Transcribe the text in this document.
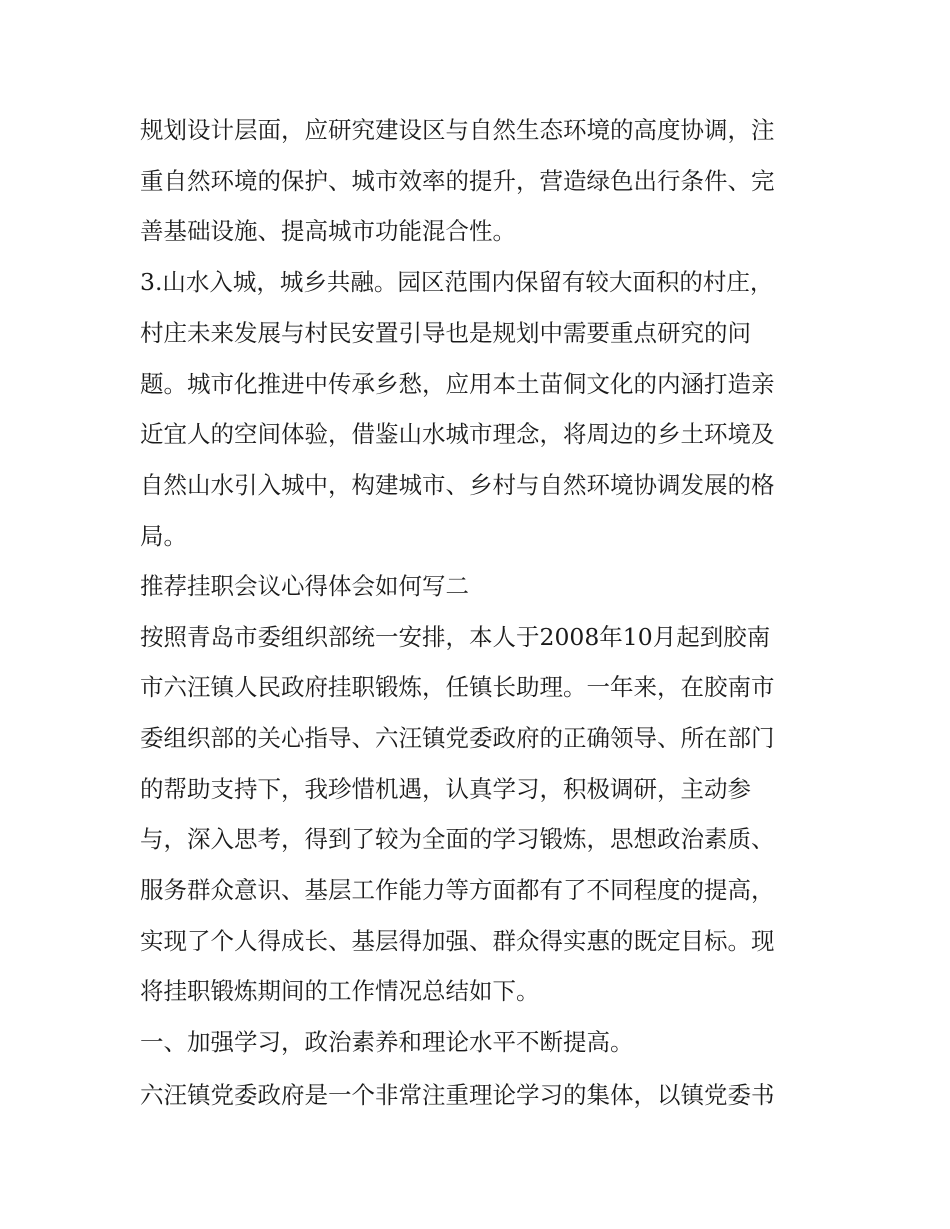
规划设计层面，应研究建设区与自然生态环境的高度协调，注

重自然环境的保护、城市效率的提升，营造绿色出行条件、完

善基础设施、提高城市功能混合性。

3.山水入城，城乡共融。园区范围内保留有较大面积的村庄，

村庄未来发展与村民安置引导也是规划中需要重点研究的问

题。城市化推进中传承乡愁，应用本土苗侗文化的内涵打造亲

近宜人的空间体验，借鉴山水城市理念，将周边的乡土环境及

自然山水引入城中，构建城市、乡村与自然环境协调发展的格

局。

推荐挂职会议心得体会如何写二

按照青岛市委组织部统一安排，本人于2008年10月起到胶南

市六汪镇人民政府挂职锻炼，任镇长助理。一年来，在胶南市

委组织部的关心指导、六汪镇党委政府的正确领导、所在部门

的帮助支持下，我珍惜机遇，认真学习，积极调研，主动参

与，深入思考，得到了较为全面的学习锻炼，思想政治素质、

服务群众意识、基层工作能力等方面都有了不同程度的提高，

实现了个人得成长、基层得加强、群众得实惠的既定目标。现

将挂职锻炼期间的工作情况总结如下。

一、加强学习，政治素养和理论水平不断提高。

六汪镇党委政府是一个非常注重理论学习的集体，以镇党委书
